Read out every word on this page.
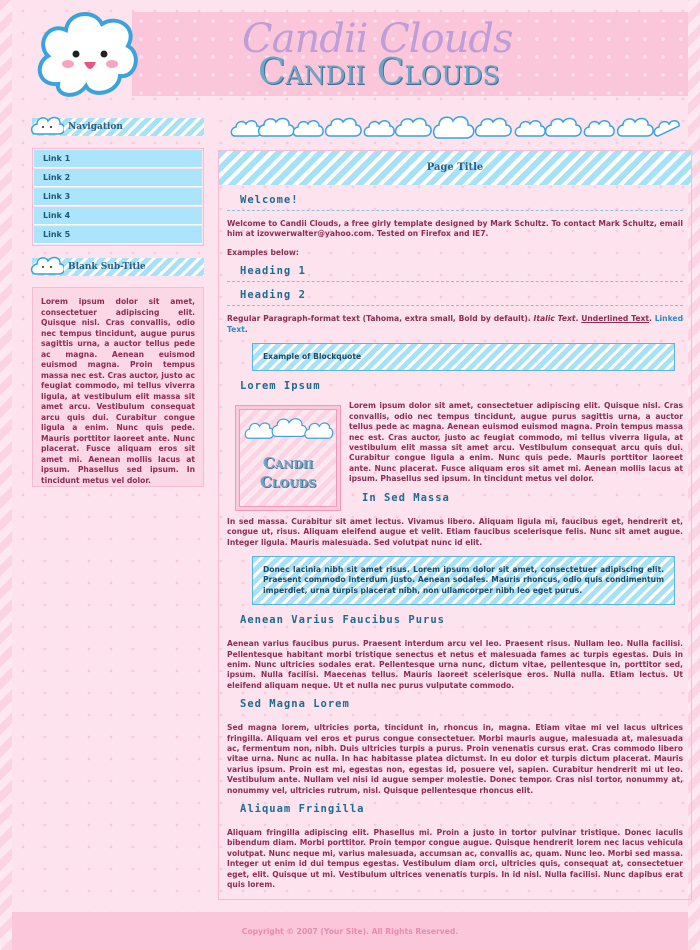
Candii Clouds
Candii Clouds
Navigation
Link 1
Link 2
Link 3
Link 4
Link 5
Blank Sub-Title
Lorem ipsum dolor sit amet, consectetuer adipiscing elit. Quisque nisl. Cras convallis, odio nec tempus tincidunt, augue purus sagittis urna, a auctor tellus pede ac magna. Aenean euismod euismod magna. Proin tempus massa nec est. Cras auctor, justo ac feugiat commodo, mi tellus viverra ligula, at vestibulum elit massa sit amet arcu. Vestibulum consequat arcu quis dui. Curabitur congue ligula a enim. Nunc quis pede. Mauris porttitor laoreet ante. Nunc placerat. Fusce aliquam eros sit amet mi. Aenean mollis lacus at ipsum. Phasellus sed ipsum. In tincidunt metus vel dolor.
Page Title
Welcome!

Welcome to Candii Clouds, a free girly template designed by Mark Schultz. To contact Mark Schultz, email him at izovwerwalter@yahoo.com. Tested on Firefox and IE7.

Examples below:

Heading 1
Heading 2

Regular Paragraph-format text (Tahoma, extra small, Bold by default). Italic Text. Underlined Text. Linked Text.

Example of Blockquote
Lorem Ipsum
Candii
Clouds

Lorem ipsum dolor sit amet, consectetuer adipiscing elit. Quisque nisl. Cras convallis, odio nec tempus tincidunt, augue purus sagittis urna, a auctor tellus pede ac magna. Aenean euismod euismod magna. Proin tempus massa nec est. Cras auctor, justo ac feugiat commodo, mi tellus viverra ligula, at vestibulum elit massa sit amet arcu. Vestibulum consequat arcu quis dui. Curabitur congue ligula a enim. Nunc quis pede. Mauris porttitor laoreet ante. Nunc placerat. Fusce aliquam eros sit amet mi. Aenean mollis lacus at ipsum. Phasellus sed ipsum. In tincidunt metus vel dolor.

In Sed Massa

In sed massa. Curabitur sit amet lectus. Vivamus libero. Aliquam ligula mi, faucibus eget, hendrerit et, congue ut, risus. Aliquam eleifend augue et velit. Etiam faucibus scelerisque felis. Nunc sit amet augue. Integer ligula. Mauris malesuada. Sed volutpat nunc id elit.

Donec lacinia nibh sit amet risus. Lorem ipsum dolor sit amet, consectetuer adipiscing elit. Praesent commodo interdum justo. Aenean sodales. Mauris rhoncus, odio quis condimentum imperdiet, urna turpis placerat nibh, non ullamcorper nibh leo eget purus.
Aenean Varius Faucibus Purus

Aenean varius faucibus purus. Praesent interdum arcu vel leo. Praesent risus. Nullam leo. Nulla facilisi. Pellentesque habitant morbi tristique senectus et netus et malesuada fames ac turpis egestas. Duis in enim. Nunc ultricies sodales erat. Pellentesque urna nunc, dictum vitae, pellentesque in, porttitor sed, ipsum. Nulla facilisi. Maecenas tellus. Mauris laoreet scelerisque eros. Nulla nulla. Etiam lectus. Ut eleifend aliquam neque. Ut et nulla nec purus vulputate commodo.

Sed Magna Lorem

Sed magna lorem, ultricies porta, tincidunt in, rhoncus in, magna. Etiam vitae mi vel lacus ultrices fringilla. Aliquam vel eros et purus congue consectetuer. Morbi mauris augue, malesuada at, malesuada ac, fermentum non, nibh. Duis ultricies turpis a purus. Proin venenatis cursus erat. Cras commodo libero vitae urna. Nunc ac nulla. In hac habitasse platea dictumst. In eu dolor et turpis dictum placerat. Mauris varius ipsum. Proin est mi, egestas non, egestas id, posuere vel, sapien. Curabitur hendrerit mi ut leo. Vestibulum ante. Nullam vel nisi id augue semper molestie. Donec tempor. Cras nisl tortor, nonummy at, nonummy vel, ultricies rutrum, nisl. Quisque pellentesque rhoncus elit.

Aliquam Fringilla

Aliquam fringilla adipiscing elit. Phasellus mi. Proin a justo in tortor pulvinar tristique. Donec iaculis bibendum diam. Morbi porttitor. Proin tempor congue augue. Quisque hendrerit lorem nec lacus vehicula volutpat. Nunc neque mi, varius malesuada, accumsan ac, convallis ac, quam. Nunc leo. Morbi sed massa. Integer ut enim id dui tempus egestas. Vestibulum diam orci, ultricies quis, consequat at, consectetuer eget, elit. Quisque ut mi. Vestibulum ultrices venenatis turpis. In id nisl. Nulla facilisi. Nunc dapibus erat quis lorem.

Copyright © 2007 (Your Site). All Rights Reserved.
